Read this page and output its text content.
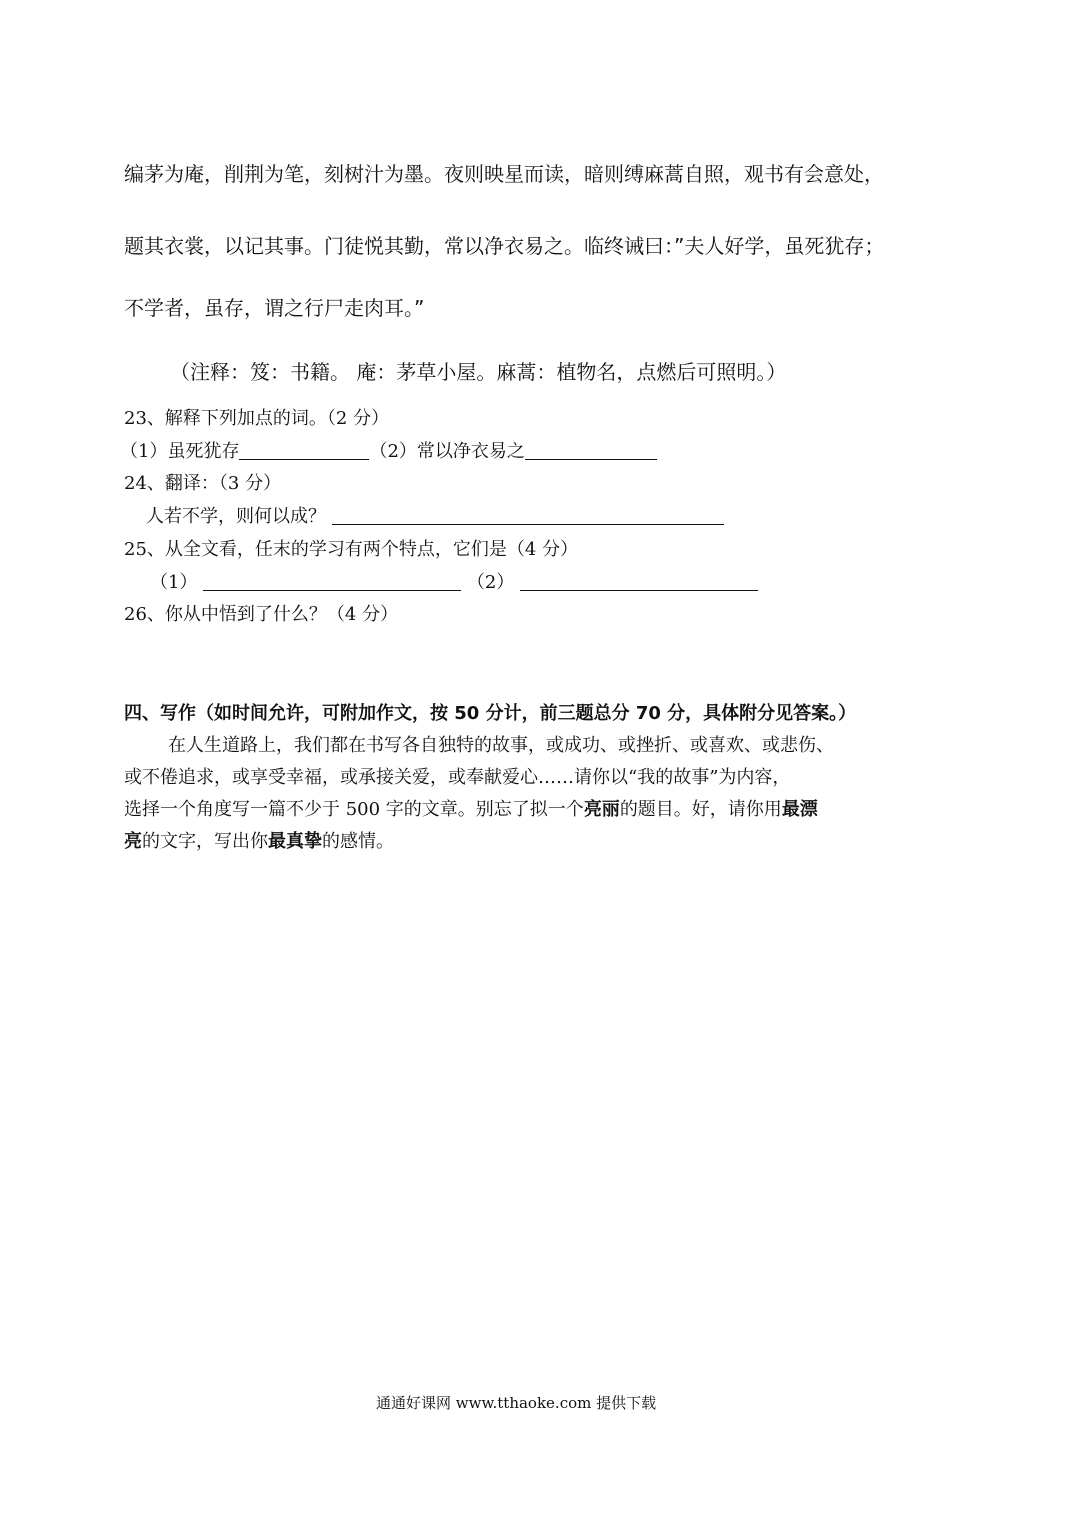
编茅为庵，削荆为笔，刻树汁为墨。夜则映星而读，暗则缚麻蒿自照，观书有会意处，
题其衣裳，以记其事。门徒悦其勤，常以净衣易之。临终诫曰：”夫人好学，虽死犹存；
不学者，虽存，谓之行尸走肉耳。”
（注释：笈：书籍。 庵：茅草小屋。麻蒿：植物名，点燃后可照明。）
23、解释下列加点的词。（2 分）
（1）虽死犹存	（2）常以净衣易之
24、翻译：（3 分）
人若不学，则何以成？
25、从全文看，任末的学习有两个特点，它们是（4 分）
（1）	（2）
26、你从中悟到了什么？（4 分）
四、写作（如时间允许，可附加作文，按 50 分计，前三题总分 70 分，具体附分见答案。）
在人生道路上，我们都在书写各自独特的故事，或成功、或挫折、或喜欢、或悲伤、
或不倦追求，或享受幸福，或承接关爱，或奉献爱心……请你以“我的故事”为内容，
选择一个角度写一篇不少于 500 字的文章。别忘了拟一个亮丽的题目。好，请你用最漂
亮的文字，写出你最真挚的感情。
通通好课网 www.tthaoke.com 提供下载
